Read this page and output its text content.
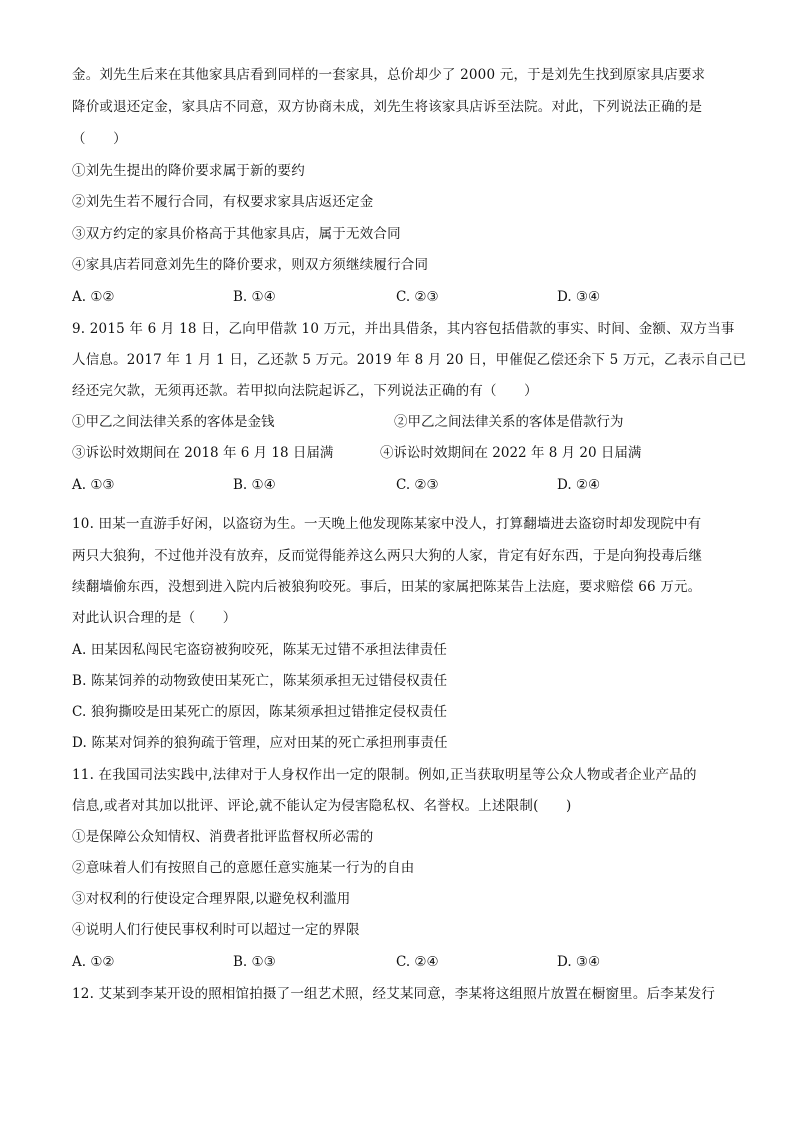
金。刘先生后来在其他家具店看到同样的一套家具，总价却少了 2000 元，于是刘先生找到原家具店要求
降价或退还定金，家具店不同意，双方协商未成，刘先生将该家具店诉至法院。对此，下列说法正确的是
（　　）
①刘先生提出的降价要求属于新的要约
②刘先生若不履行合同，有权要求家具店返还定金
③双方约定的家具价格高于其他家具店，属于无效合同
④家具店若同意刘先生的降价要求，则双方须继续履行合同
A. ①②	B. ①④	C. ②③	D. ③④
9. 2015 年 6 月 18 日，乙向甲借款 10 万元，并出具借条，其内容包括借款的事实、时间、金额、双方当事
人信息。2017 年 1 月 1 日，乙还款 5 万元。2019 年 8 月 20 日，甲催促乙偿还余下 5 万元，乙表示自己已
经还完欠款，无须再还款。若甲拟向法院起诉乙，下列说法正确的有（　　）
①甲乙之间法律关系的客体是金钱	②甲乙之间法律关系的客体是借款行为
③诉讼时效期间在 2018 年 6 月 18 日届满	④诉讼时效期间在 2022 年 8 月 20 日届满
A. ①③	B. ①④	C. ②③	D. ②④
10. 田某一直游手好闲，以盗窃为生。一天晚上他发现陈某家中没人，打算翻墙进去盗窃时却发现院中有
两只大狼狗，不过他并没有放弃，反而觉得能养这么两只大狗的人家，肯定有好东西，于是向狗投毒后继
续翻墙偷东西，没想到进入院内后被狼狗咬死。事后，田某的家属把陈某告上法庭，要求赔偿 66 万元。
对此认识合理的是（　　）
A. 田某因私闯民宅盗窃被狗咬死，陈某无过错不承担法律责任
B. 陈某饲养的动物致使田某死亡，陈某须承担无过错侵权责任
C. 狼狗撕咬是田某死亡的原因，陈某须承担过错推定侵权责任
D. 陈某对饲养的狼狗疏于管理，应对田某的死亡承担刑事责任
11. 在我国司法实践中,法律对于人身权作出一定的限制。例如,正当获取明星等公众人物或者企业产品的
信息,或者对其加以批评、评论,就不能认定为侵害隐私权、名誉权。上述限制(　　)
①是保障公众知情权、消费者批评监督权所必需的
②意味着人们有按照自己的意愿任意实施某一行为的自由
③对权利的行使设定合理界限,以避免权利滥用
④说明人们行使民事权利时可以超过一定的界限
A. ①②	B. ①③	C. ②④	D. ③④
12. 艾某到李某开设的照相馆拍摄了一组艺术照，经艾某同意，李某将这组照片放置在橱窗里。后李某发行
